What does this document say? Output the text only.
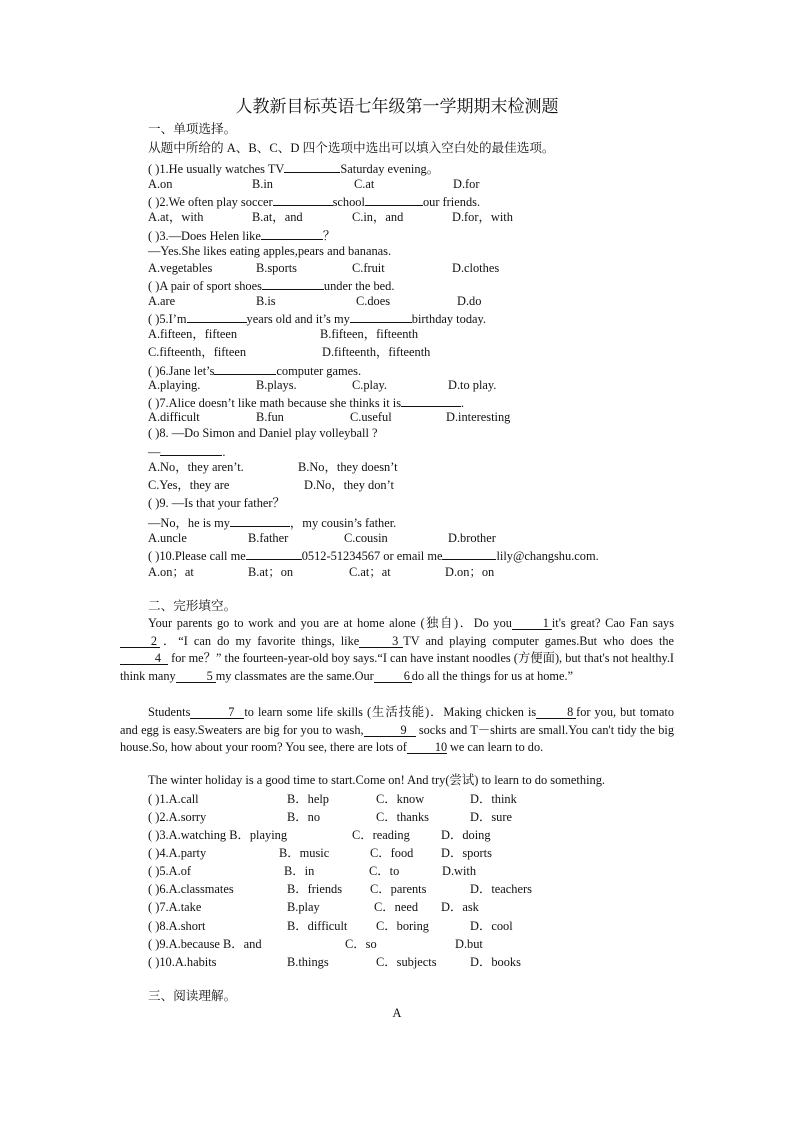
人教新目标英语七年级第一学期期末检测题
一、单项选择。
从题中所给的 A、B、C、D 四个选项中选出可以填入空白处的最佳选项。
( )1.He usually watches TV	Saturday evening。
A.on	B.in	C.at	D.for
( )2.We often play soccer	school	our friends.
A.at，with	B.at，and	C.in，and	D.for，with
( )3.—Does Helen like	？
—Yes.She likes eating apples,pears and bananas.
A.vegetables	B.sports	C.fruit	D.clothes
( )A pair of sport shoes	under the bed.
A.are	B.is	C.does	D.do
( )5.I’m	years old and it’s my	birthday today.
A.fifteen，fifteen	B.fifteen，fifteenth
C.fifteenth，fifteen	D.fifteenth，fifteenth
( )6.Jane let’s	computer games.
A.playing.	B.plays.	C.play.	D.to play.
( )7.Alice doesn’t like math because she thinks it is	.
A.difficult	B.fun	C.useful	D.interesting
( )8. —Do Simon and Daniel play volleyball ?
—	.
A.No，they aren’t.	B.No，they doesn’t
C.Yes，they are	D.No，they don’t
( )9. —Is that your father？
—No，he is my	，my cousin’s father.
A.uncle	B.father	C.cousin	D.brother
( )10.Please call me	0512-51234567 or email me	lily@changshu.com.
A.on；at	B.at；on	C.at；at	D.on；on
二、完形填空。
Your parents go to work and you are at home alone (独自)．Do you	1 it's great? Cao Fan says2 ．“I can do my favorite things, like	3 TV and playing computer games.But who does the4 for me？” the fourteen-year-old boy says.“I can have instant noodles (方便面), but that's not healthy.I think many	5 my classmates are the same.Our 6 do all the things for us at home.”
Students	7 to learn some life skills (生活技能)．Making chicken is	8 for you, but tomato and egg is easy.Sweaters are big for you to wash,	9 socks and T－shirts are small.You can't tidy the big house.So, how about your room? You see, there are lots of 10 we can learn to do.
The winter holiday is a good time to start.Come on! And try(尝试) to learn to do something.
( )1.A.call	B．help	C．know	D．think
( )2.A.sorry	B．no	C．thanks	D．sure
( )3.A.watching B．playing	C．reading	D．doing
( )4.A.party	B．music	C．food D．sports
( )5.A.of	B．in	C．to	D.with
( )6.A.classmates	B．friends C．parents	D．teachers
( )7.A.take	B.play	C．need D．ask
( )8.A.short	B．difficult C．boring	D．cool
( )9.A.because B．and	C．so	D.but
( )10.A.habits	B.things	C．subjects	D．books
三、阅读理解。
A
